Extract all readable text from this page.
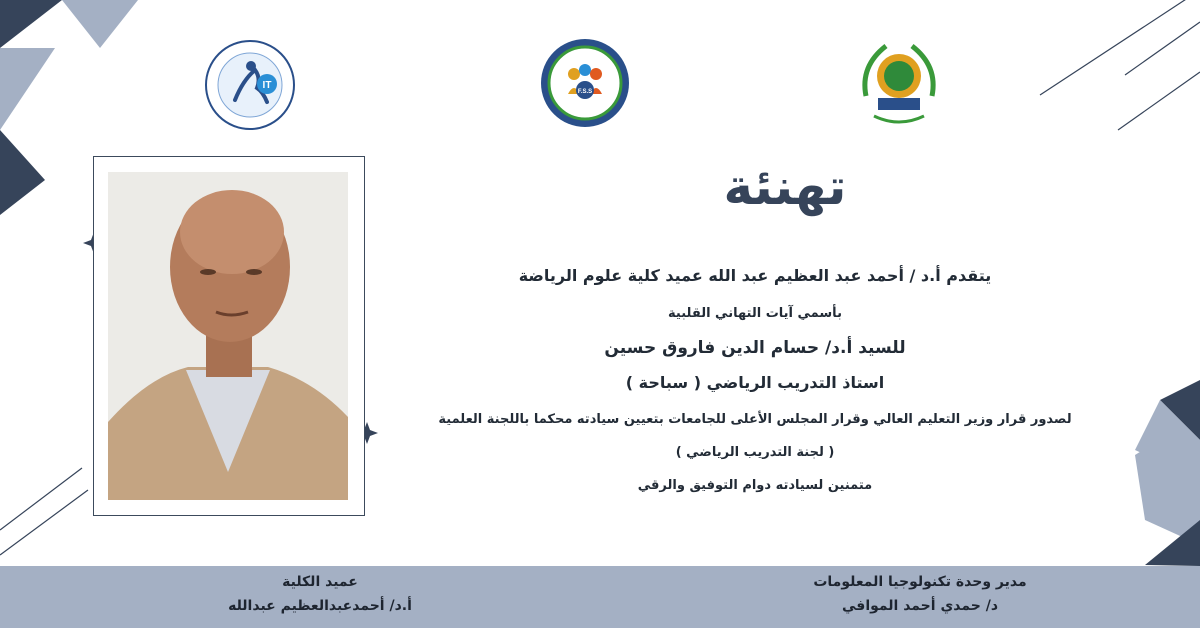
IT
F.S.S
تهنئة
يتقدم أ.د / أحمد عبد العظيم عبد الله عميد كلية علوم الرياضة
بأسمي آيات التهاني القلبية
للسيد أ.د/ حسام الدين فاروق حسين
استاذ التدريب الرياضي ( سباحة )
لصدور قرار وزير التعليم العالي وقرار المجلس الأعلى للجامعات بتعيين سيادته محكما باللجنة العلمية
( لجنة التدريب الرياضي )
متمنين لسيادته دوام التوفيق والرقي
عميد الكلية
أ.د/ أحمدعبدالعظيم عبدالله
مدير وحدة تكنولوجيا المعلومات
د/ حمدي أحمد الموافي
